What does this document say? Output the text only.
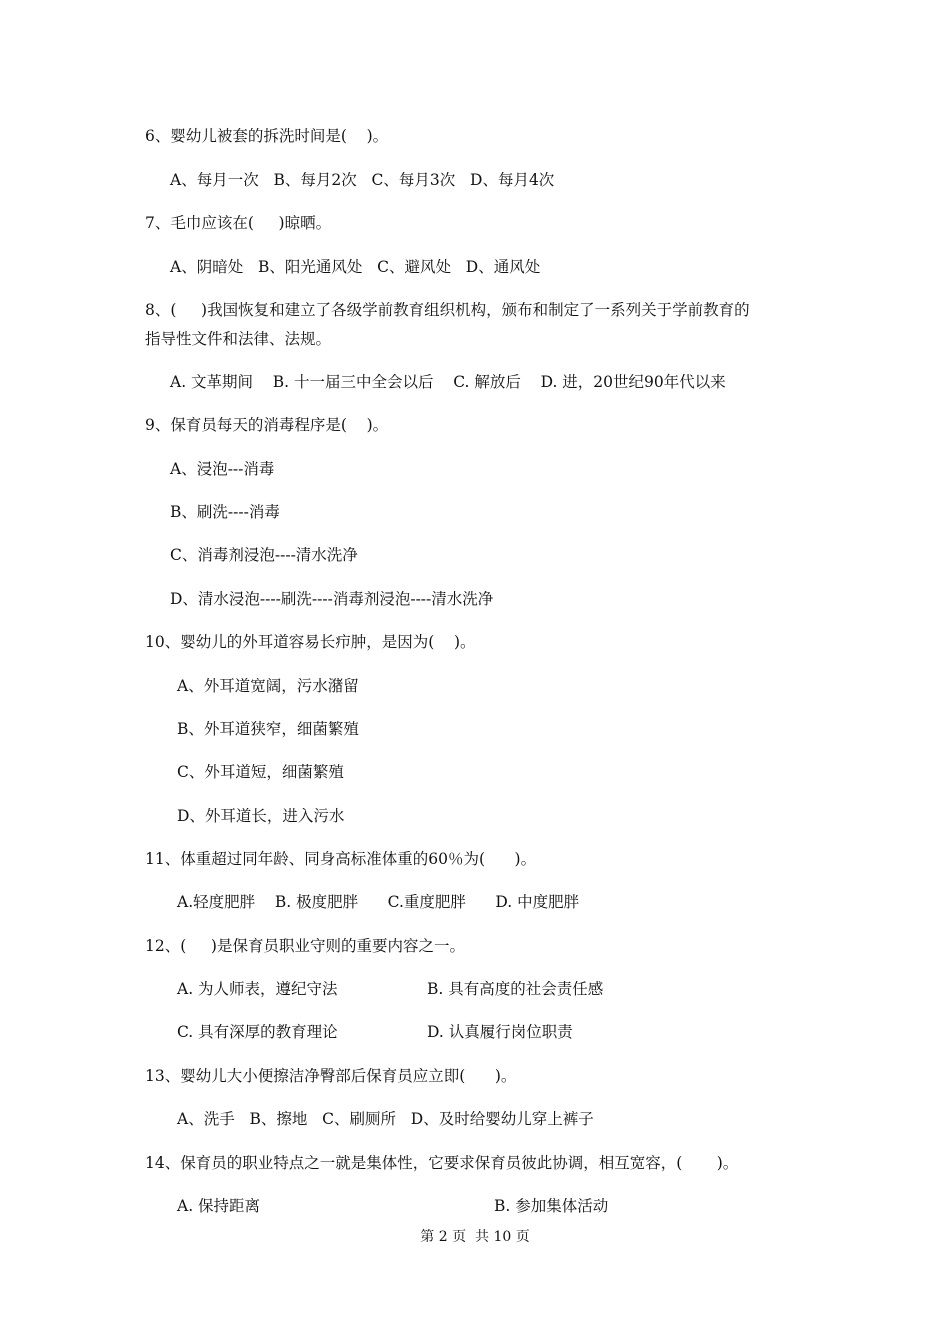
6、婴幼儿被套的拆洗时间是(    )。
A、每月一次   B、每月2次   C、每月3次   D、每月4次
7、毛巾应该在(     )晾晒。
A、阴暗处   B、阳光通风处   C、避风处   D、通风处
8、(     )我国恢复和建立了各级学前教育组织机构，颁布和制定了一系列关于学前教育的
指导性文件和法律、法规。
A. 文革期间    B. 十一届三中全会以后    C. 解放后    D. 进，20世纪90年代以来
9、保育员每天的消毒程序是(    )。
A、浸泡---消毒
B、刷洗----消毒
C、消毒剂浸泡----清水洗净
D、清水浸泡----刷洗----消毒剂浸泡----清水洗净
10、婴幼儿的外耳道容易长疖肿，是因为(    )。
A、外耳道宽阔，污水潴留
B、外耳道狭窄，细菌繁殖
C、外耳道短，细菌繁殖
D、外耳道长，进入污水
11、体重超过同年龄、同身高标准体重的60％为(      )。
A.轻度肥胖    B. 极度肥胖      C.重度肥胖      D. 中度肥胖
12、(     )是保育员职业守则的重要内容之一。
A. 为人师表，遵纪守法	B. 具有高度的社会责任感
C. 具有深厚的教育理论	D. 认真履行岗位职责
13、婴幼儿大小便擦洁净臀部后保育员应立即(      )。
A、洗手   B、擦地   C、刷厕所   D、及时给婴幼儿穿上裤子
14、保育员的职业特点之一就是集体性，它要求保育员彼此协调，相互宽容，(       )。
A. 保持距离	B. 参加集体活动
第 2 页  共 10 页
